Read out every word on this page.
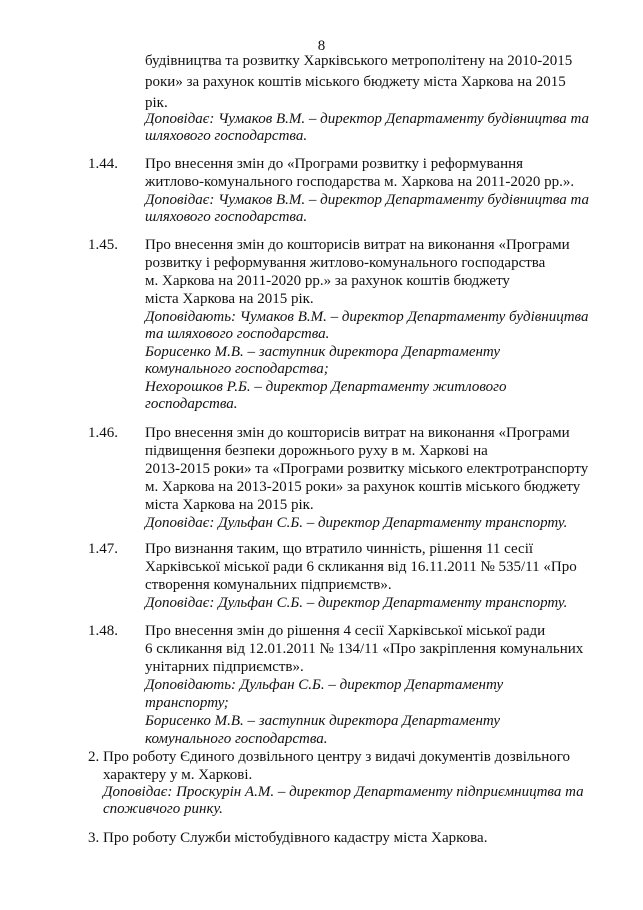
8
будівництва та розвитку Харківського метрополітену на 2010-2015
роки» за рахунок коштів міського бюджету міста Харкова на 2015
рік.
Доповідає: Чумаков В.М. – директор Департаменту будівництва та
шляхового господарства.
1.44. Про внесення змін до «Програми розвитку і реформування
житлово-комунального господарства м. Харкова на 2011-2020 рр.».
Доповідає: Чумаков В.М. – директор Департаменту будівництва та
шляхового господарства.
1.45. Про внесення змін до кошторисів витрат на виконання «Програми
розвитку і реформування житлово-комунального господарства
м. Харкова на 2011-2020 рр.» за рахунок коштів бюджету
міста Харкова на 2015 рік.
Доповідають: Чумаков В.М. – директор Департаменту будівництва
та шляхового господарства.
Борисенко М.В. – заступник директора Департаменту
комунального господарства;
Нехорошков Р.Б. – директор Департаменту житлового
господарства.
1.46. Про внесення змін до кошторисів витрат на виконання «Програми
підвищення безпеки дорожнього руху в м. Харкові на
2013-2015 роки» та «Програми розвитку міського електротранспорту
м. Харкова на 2013-2015 роки» за рахунок коштів міського бюджету
міста Харкова на 2015 рік.
Доповідає: Дульфан С.Б. – директор Департаменту транспорту.
1.47. Про визнання таким, що втратило чинність, рішення 11 сесії
Харківської міської ради 6 скликання від 16.11.2011 № 535/11 «Про
створення комунальних підприємств».
Доповідає: Дульфан С.Б. – директор Департаменту транспорту.
1.48. Про внесення змін до рішення 4 сесії Харківської міської ради
6 скликання від 12.01.2011 № 134/11 «Про закріплення комунальних
унітарних підприємств».
Доповідають: Дульфан С.Б. – директор Департаменту
транспорту;
Борисенко М.В. – заступник директора Департаменту
комунального господарства.
2. Про роботу Єдиного дозвільного центру з видачі документів дозвільного
характеру у м. Харкові.
Доповідає: Проскурін А.М. – директор Департаменту підприємництва та
споживчого ринку.
3. Про роботу Служби містобудівного кадастру міста Харкова.
